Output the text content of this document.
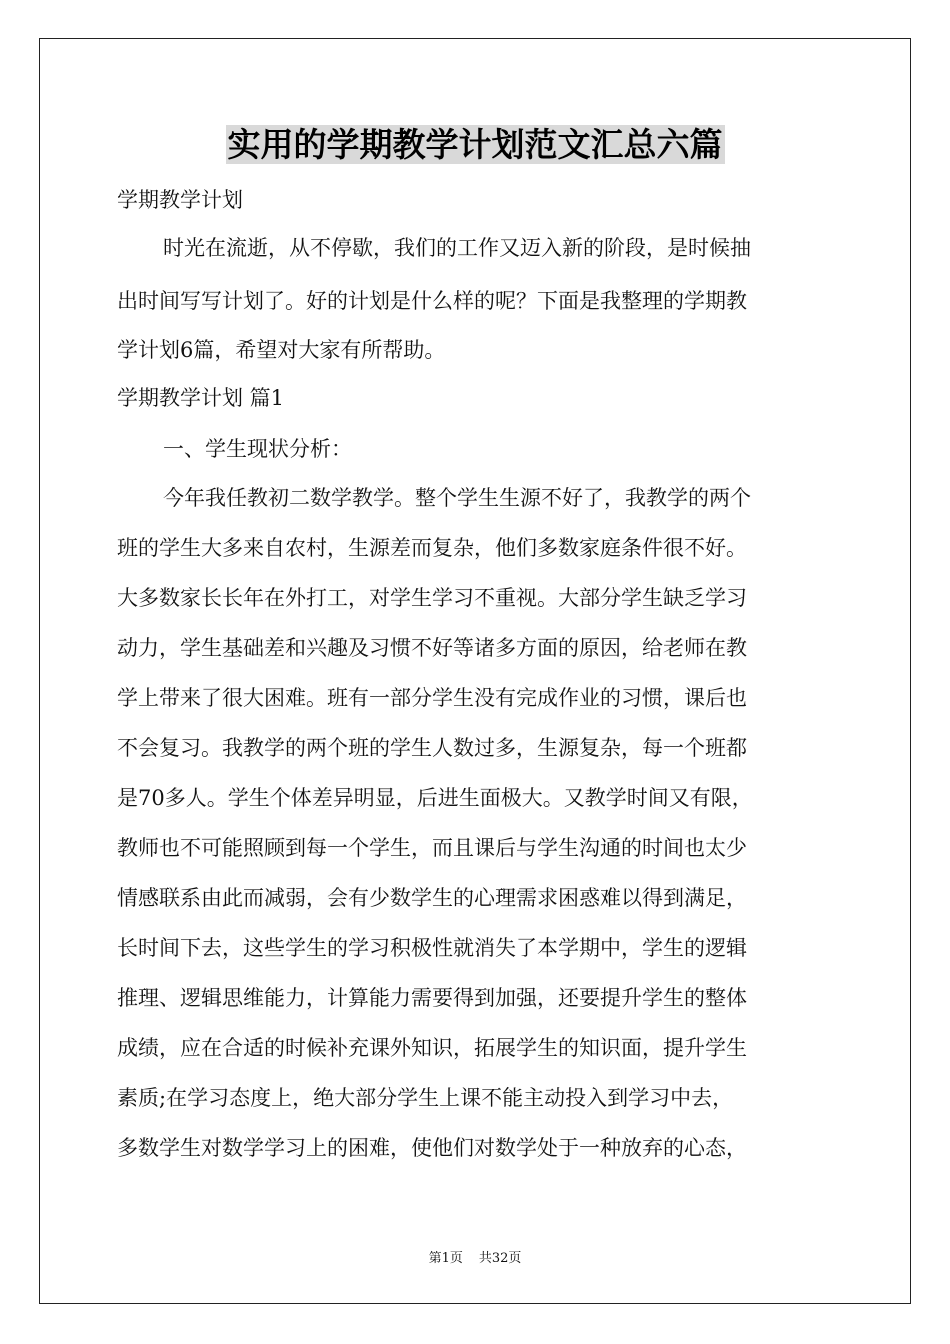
实用的学期教学计划范文汇总六篇
学期教学计划
时光在流逝，从不停歇，我们的工作又迈入新的阶段，是时候抽
出时间写写计划了。好的计划是什么样的呢？下面是我整理的学期教
学计划6篇，希望对大家有所帮助。
学期教学计划 篇1
一、学生现状分析：
今年我任教初二数学教学。整个学生生源不好了，我教学的两个
班的学生大多来自农村，生源差而复杂，他们多数家庭条件很不好。
大多数家长长年在外打工，对学生学习不重视。大部分学生缺乏学习
动力，学生基础差和兴趣及习惯不好等诸多方面的原因，给老师在教
学上带来了很大困难。班有一部分学生没有完成作业的习惯，课后也
不会复习。我教学的两个班的学生人数过多，生源复杂，每一个班都
是70多人。学生个体差异明显，后进生面极大。又教学时间又有限，
教师也不可能照顾到每一个学生，而且课后与学生沟通的时间也太少
情感联系由此而减弱，会有少数学生的心理需求困惑难以得到满足，
长时间下去，这些学生的学习积极性就消失了本学期中，学生的逻辑
推理、逻辑思维能力，计算能力需要得到加强，还要提升学生的整体
成绩，应在合适的时候补充课外知识，拓展学生的知识面，提升学生
素质;在学习态度上，绝大部分学生上课不能主动投入到学习中去，
多数学生对数学学习上的困难，使他们对数学处于一种放弃的心态，
第1页 共32页
